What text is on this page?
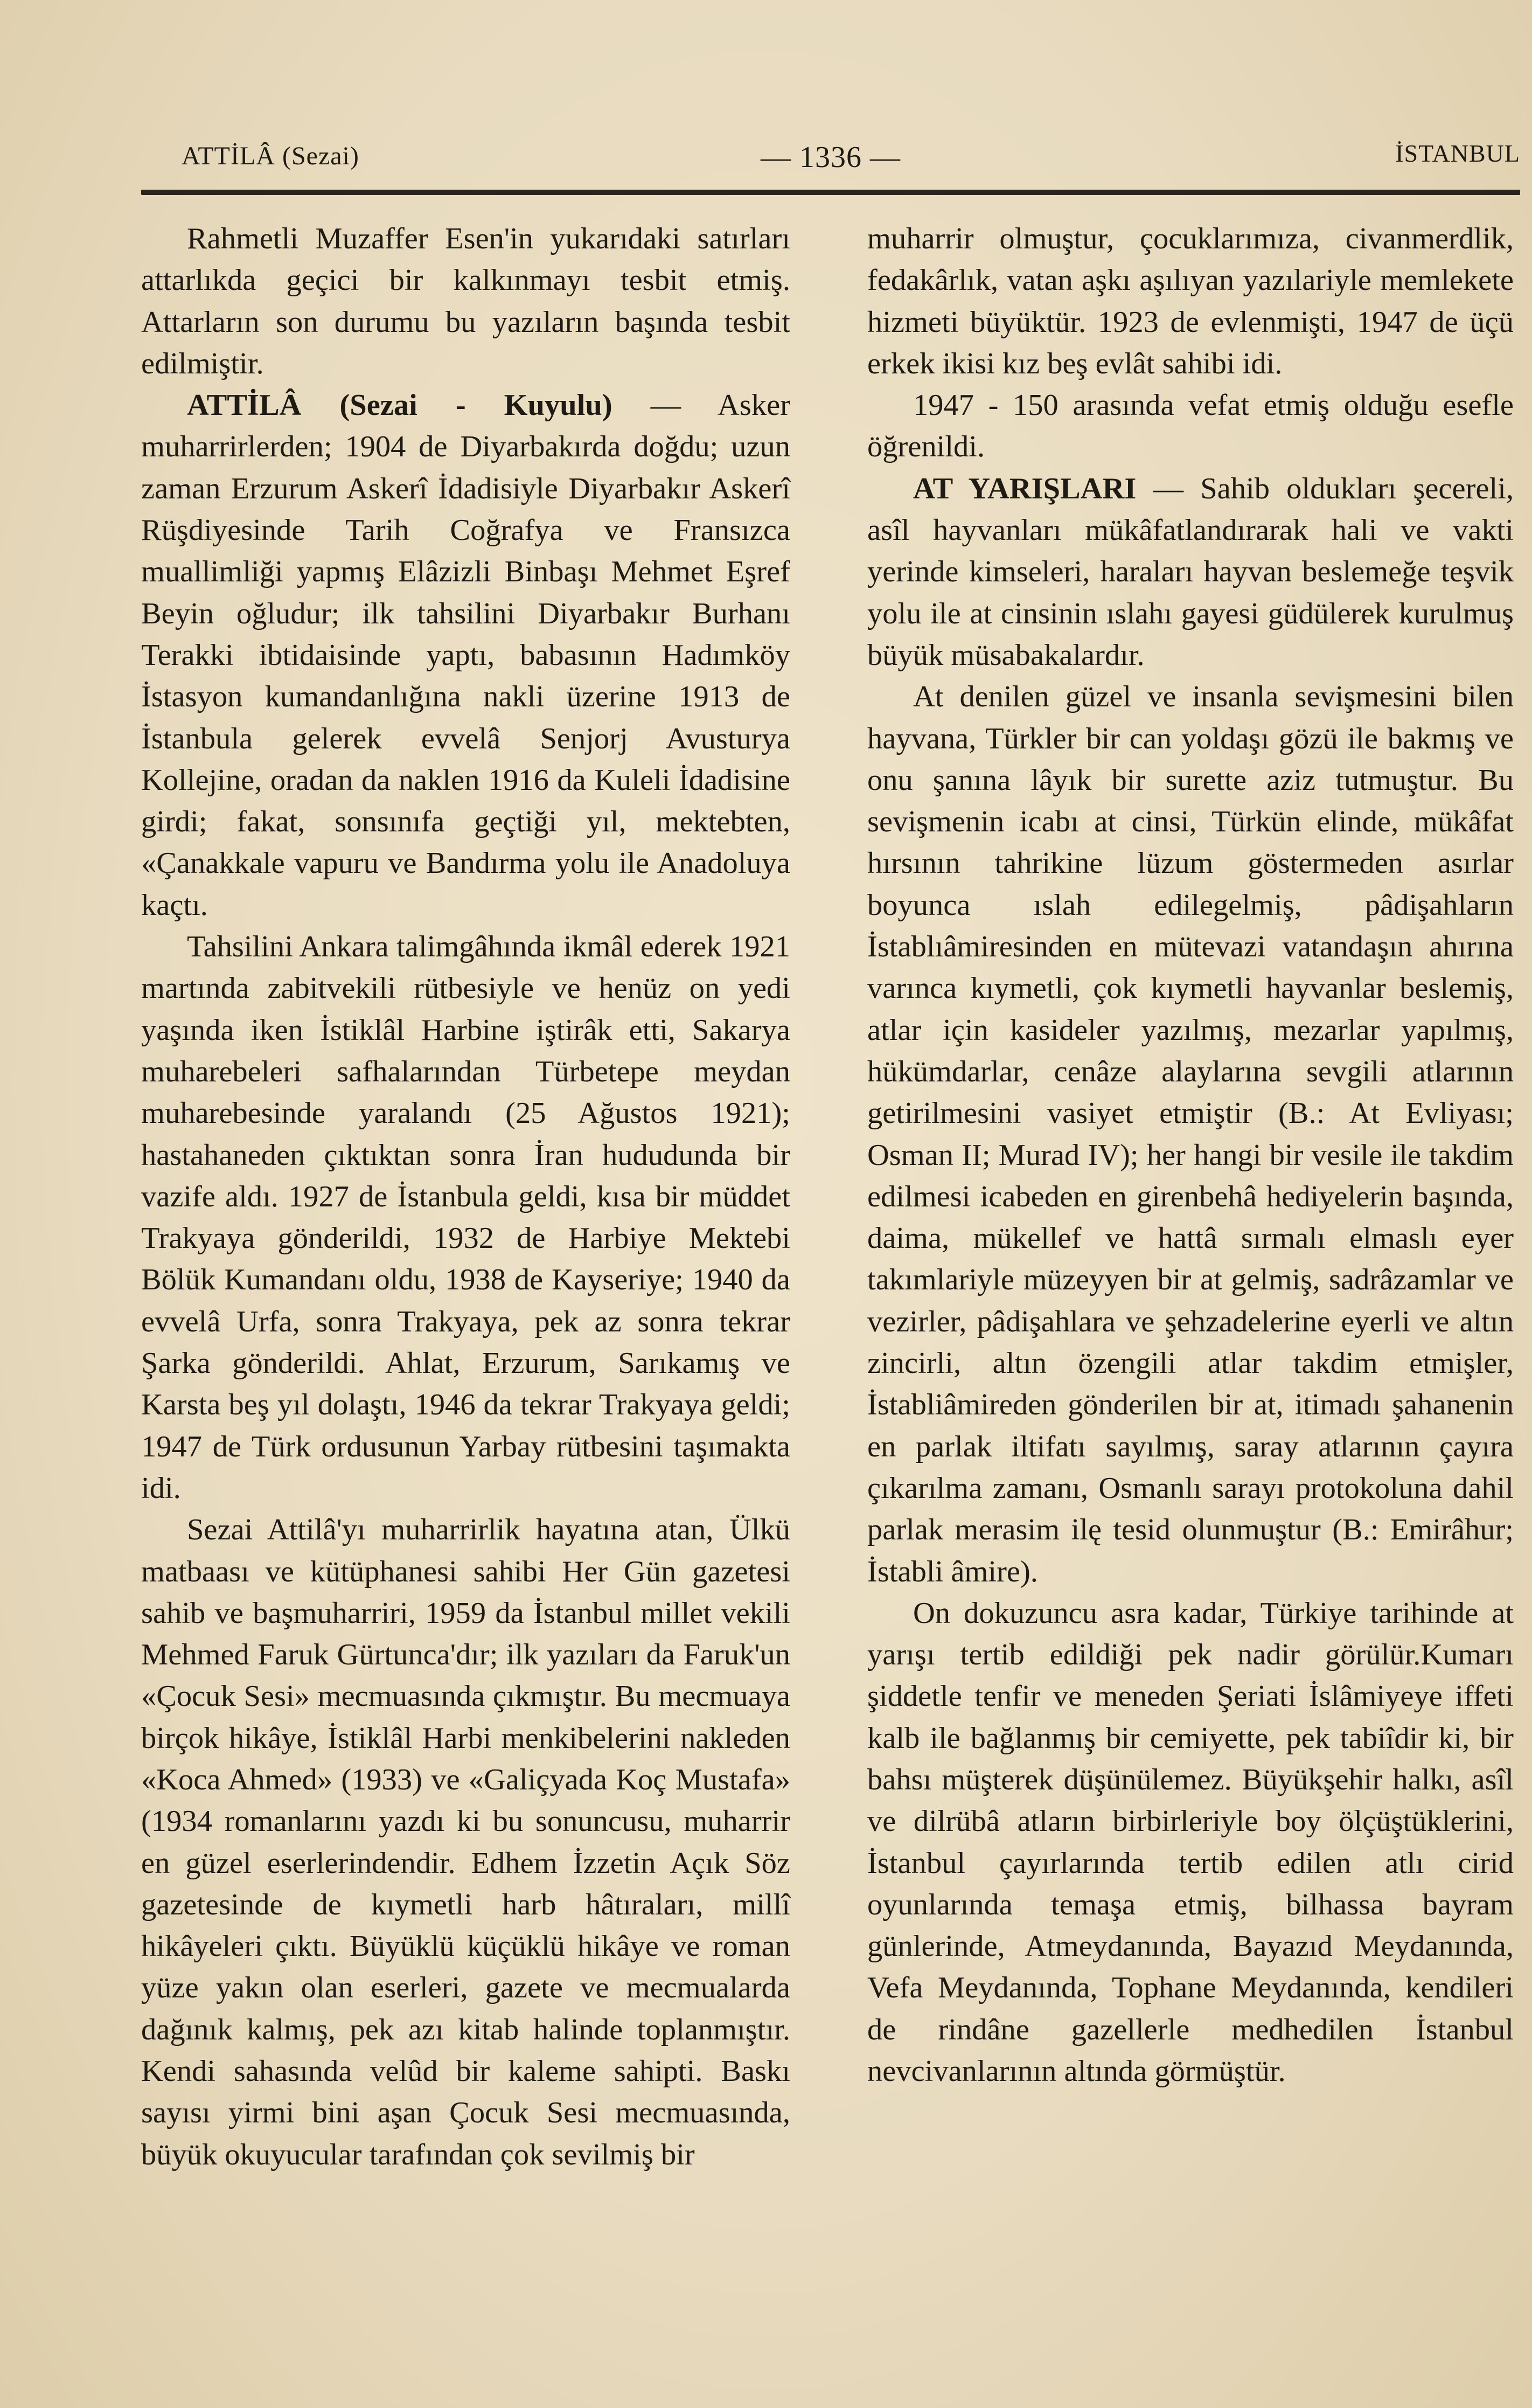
ATTİLÂ (Sezai)	— 1336 —	İSTANBUL

Rahmetli Muzaffer Esen'in yukarıdaki satırları attarlıkda geçici bir kalkınmayı tesbit etmiş. Attarların son durumu bu yazıların başında tesbit edilmiştir.

ATTİLÂ (Sezai - Kuyulu) — Asker muharrirlerden; 1904 de Diyarbakırda doğdu; uzun zaman Erzurum Askerî İdadisiyle Diyarbakır Askerî Rüşdiyesinde Tarih Coğrafya ve Fransızca muallimliği yapmış Elâzizli Binbaşı Mehmet Eşref Beyin oğludur; ilk tahsilini Diyarbakır Burhanı Terakki ibtidaisinde yaptı, babasının Hadımköy İstasyon kumandanlığına nakli üzerine 1913 de İstanbula gelerek evvelâ Senjorj Avusturya Kollejine, oradan da naklen 1916 da Kuleli İdadisine girdi; fakat, sonsınıfa geçtiği yıl, mektebten, «Çanakkale vapuru ve Bandırma yolu ile Anadoluya kaçtı.

Tahsilini Ankara talimgâhında ikmâl ederek 1921 martında zabitvekili rütbesiyle ve henüz on yedi yaşında iken İstiklâl Harbine iştirâk etti, Sakarya muharebeleri safhalarından Türbetepe meydan muharebesinde yaralandı (25 Ağustos 1921); hastahaneden çıktıktan sonra İran hududunda bir vazife aldı. 1927 de İstanbula geldi, kısa bir müddet Trakyaya gönderildi, 1932 de Harbiye Mektebi Bölük Kumandanı oldu, 1938 de Kayseriye; 1940 da evvelâ Urfa, sonra Trakyaya, pek az sonra tekrar Şarka gönderildi. Ahlat, Erzurum, Sarıkamış ve Karsta beş yıl dolaştı, 1946 da tekrar Trakyaya geldi; 1947 de Türk ordusunun Yarbay rütbesini taşımakta idi.

Sezai Attilâ'yı muharrirlik hayatına atan, Ülkü matbaası ve kütüphanesi sahibi Her Gün gazetesi sahib ve başmuharriri, 1959 da İstanbul millet vekili Mehmed Faruk Gürtunca'dır; ilk yazıları da Faruk'un «Çocuk Sesi» mecmuasında çıkmıştır. Bu mecmuaya birçok hikâye, İstiklâl Harbi menkibelerini nakleden «Koca Ahmed» (1933) ve «Galiçyada Koç Mustafa» (1934 romanlarını yazdı ki bu sonuncusu, muharrir en güzel eserlerindendir. Edhem İzzetin Açık Söz gazetesinde de kıymetli harb hâtıraları, millî hikâyeleri çıktı. Büyüklü küçüklü hikâye ve roman yüze yakın olan eserleri, gazete ve mecmualarda dağınık kalmış, pek azı kitab halinde toplanmıştır. Kendi sahasında velûd bir kaleme sahipti. Baskı sayısı yirmi bini aşan Çocuk Sesi mecmuasında, büyük okuyucular tarafından çok sevilmiş bir

muharrir olmuştur, çocuklarımıza, civanmerdlik, fedakârlık, vatan aşkı aşılıyan yazılariyle memlekete hizmeti büyüktür. 1923 de evlenmişti, 1947 de üçü erkek ikisi kız beş evlât sahibi idi.

1947 - 150 arasında vefat etmiş olduğu esefle öğrenildi.

AT YARIŞLARI — Sahib oldukları şecereli, asîl hayvanları mükâfatlandırarak hali ve vakti yerinde kimseleri, haraları hayvan beslemeğe teşvik yolu ile at cinsinin ıslahı gayesi güdülerek kurulmuş büyük müsabakalardır.

At denilen güzel ve insanla sevişmesini bilen hayvana, Türkler bir can yoldaşı gözü ile bakmış ve onu şanına lâyık bir surette aziz tutmuştur. Bu sevişmenin icabı at cinsi, Türkün elinde, mükâfat hırsının tahrikine lüzum göstermeden asırlar boyunca ıslah edilegelmiş, pâdişahların İstablıâmiresinden en mütevazi vatandaşın ahırına varınca kıymetli, çok kıymetli hayvanlar beslemiş, atlar için kasideler yazılmış, mezarlar yapılmış, hükümdarlar, cenâze alaylarına sevgili atlarının getirilmesini vasiyet etmiştir (B.: At Evliyası; Osman II; Murad IV); her hangi bir vesile ile takdim edilmesi icabeden en girenbehâ hediyelerin başında, daima, mükellef ve hattâ sırmalı elmaslı eyer takımlariyle müzeyyen bir at gelmiş, sadrâzamlar ve vezirler, pâdişahlara ve şehzadelerine eyerli ve altın zincirli, altın özengili atlar takdim etmişler, İstabliâmireden gönderilen bir at, itimadı şahanenin en parlak iltifatı sayılmış, saray atlarının çayıra çıkarılma zamanı, Osmanlı sarayı protokoluna dahil parlak merasim ilę tesid olunmuştur (B.: Emirâhur; İstabli âmire).

On dokuzuncu asra kadar, Türkiye tarihinde at yarışı tertib edildiği pek nadir görülür.Kumarı şiddetle tenfir ve meneden Şeriati İslâmiyeye iffeti kalb ile bağlanmış bir cemiyette, pek tabiîdir ki, bir bahsı müşterek düşünülemez. Büyükşehir halkı, asîl ve dilrübâ atların birbirleriyle boy ölçüştüklerini, İstanbul çayırlarında tertib edilen atlı cirid oyunlarında temaşa etmiş, bilhassa bayram günlerinde, Atmeydanında, Bayazıd Meydanında, Vefa Meydanında, Tophane Meydanında, kendileri de rindâne gazellerle medhedilen İstanbul nevcivanlarının altında görmüştür.
